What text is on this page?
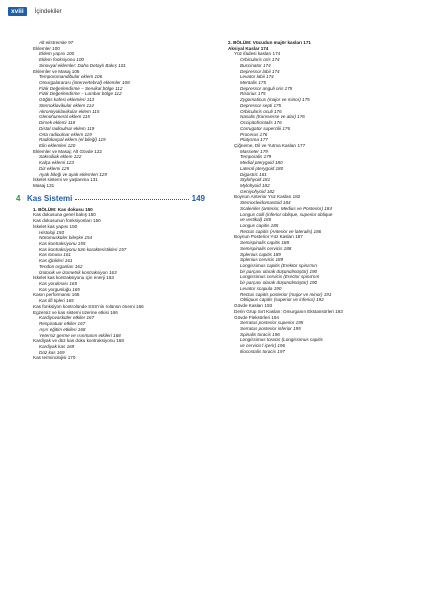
xviii	İçindekiler
Alt ekstremite 97
Eklemler 100
Eklem yapısı 100
Eklem fonksiyonu 100
Sinovyal eklemler: Daha Detaylı Bakış 101
Eklemler ve Masaj 106
Temporomandibular eklem 106
Omurgalararası (intervertebral) eklemler 108
Fizik Değerlendirme – Servikal bölge 112
Fizik Değerlendirme – Lumbar bölge 112
Göğüs kafesi eklemleri 113
Sternoklavikular eklem 114
Akromiyoklavikular eklem 115
Glenohumeral eklem 115
Dirsek eklemi 118
Distal radioulnar eklem 119
Orta radioulnar eklem 119
Radiokarpal eklem (el bileği) 119
Elin eklemleri 120
Eklemler ve Masaj: Alt Gövde 122
Sakroiliak eklem 122
Kalça eklemi 123
Diz eklemi 125
Ayak bileği ve ayak eklemleri 129
İskelet sistemi ve yaşlanma 131
Masaj 131
4 Kas Sistemi	149
1. BÖLÜM: Kas dokusu 150
Kas dokusuna genel bakış 150
Kas dokusunun fonksiyonları 150
İskelet kas yapısı 150
Histoloji 150
Nöromusküler bileşke 154
Kas kontraksiyonu 155
Kas kontraksiyonu tüm karakteristikleri 157
Kas tonusu 161
Kas iğcikleri 161
Tendon organları 162
İzotonik ve izometrik kontraksiyon 163
İskelet kas kontraksiyonu için enerji 163
Kas yorulması 165
Kas yorgunluğu 165
Kasın performansı 165
Kas lifi tipleri 165
Kas fonksiyon kontrolünde SSS'nin rolünün önemi 166
Egzersiz ve kas sistemi üzerine etkisi 166
Kardiyovasküler etkiler 167
Respiratuar etkiler 167
Aşırı eğitim etkileri 168
Yetersiz germe ve ısınmanın etkileri 168
Kardiyak ve düz kas doku kontraksiyonu 168
Kardiyak kas 169
Düz kas 169
Kas terminolojisi 170
2. BÖLÜM: Vücudun majör kasları 171
Aksiyal Kaslar 174
Yüz ifadesi kasları 174
Orbicularis oris 174
Buccinator 174
Depressor labii 174
Levator labii 174
Mentalis 175
Depressor anguli oris 175
Risorius 175
Zygomaticus (major ve minor) 175
Depressor septi 175
Orbicularis oculi 176
Nasalis (transverse ve alar) 176
Occipitofrontalis 176
Corrugator supercilii 176
Procerus 176
Platysma 177
Çiğneme, Dil ve Yutma Kasları 177
Masseter 179
Temporalis 179
Medial pterygoid 180
Lateral pterygoid 180
Digastric 181
Stylohyoid 181
Mylohyoid 182
Geniyohyoid 182
Boynun Anterior Yüz Kasları 182
Sternocleidomastoid 184
Scaleniler (anterior, Medius ve Posterior) 184
Longus colli (inferior oblique, superior oblique
ve vertikal) 185
Longus capitis 185
Rectus capitis (Anterior ve lateralis) 186
Boynun Posterior Yüz Kasları 187
Semispinalis capitis 188
Semispinalis cervicis 188
Splenius capitis 189
Splenius cervicis 189
Longissimus capitis (Erektor spina'nın
bir parçası olarak düşünülmüştür) 190
Longissimus cervicis (Erector spina'nın
bir parçası olarak düşünülmüştür) 190
Levator scapula 190
Rectus capitis posterior (major ve minor) 191
Obliquus capitis (superior ve inferior) 192
Gövde Kasları 193
Derin Grup Sırt Kasları: Omurganın Ekstansörleri 193
Gövde Fleksörleri 194
Serratus posterior superior 195
Serratus posterior inferior 195
Spinalis toracis 196
Longissimus toracis (Longissimus capitis
ve cervicis'i içerir) 196
Iliocostalis toracis 197
